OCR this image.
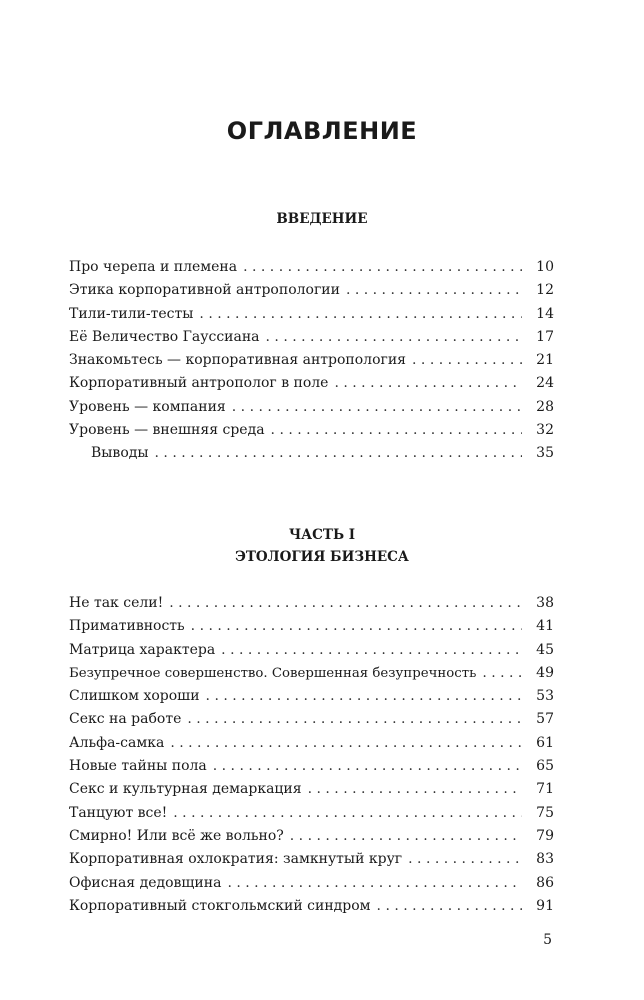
ОГЛАВЛЕНИЕ
ВВЕДЕНИЕ
Про черепа и племена . . .	10
Этика корпоративной антропологии . . .	12
Тили-тили-тесты . . .	14
Её Величество Гауссиана . . .	17
Знакомьтесь — корпоративная антропология . . .	21
Корпоративный антрополог в поле . . .	24
Уровень — компания . . .	28
Уровень — внешняя среда . . .	32
Выводы . . .	35
ЧАСТЬ I
ЭТОЛОГИЯ БИЗНЕСА
Не так сели! . . .	38
Примативность . . .	41
Матрица характера . . .	45
Безупречное совершенство. Совершенная безупречность . . .	49
Слишком хороши . . .	53
Секс на работе . . .	57
Альфа-самка . . .	61
Новые тайны пола . . .	65
Секс и культурная демаркация . . .	71
Танцуют все! . . .	75
Смирно! Или всё же вольно? . . .	79
Корпоративная охлократия: замкнутый круг . . .	83
Офисная дедовщина . . .	86
Корпоративный стокгольмский синдром . . .	91
5
